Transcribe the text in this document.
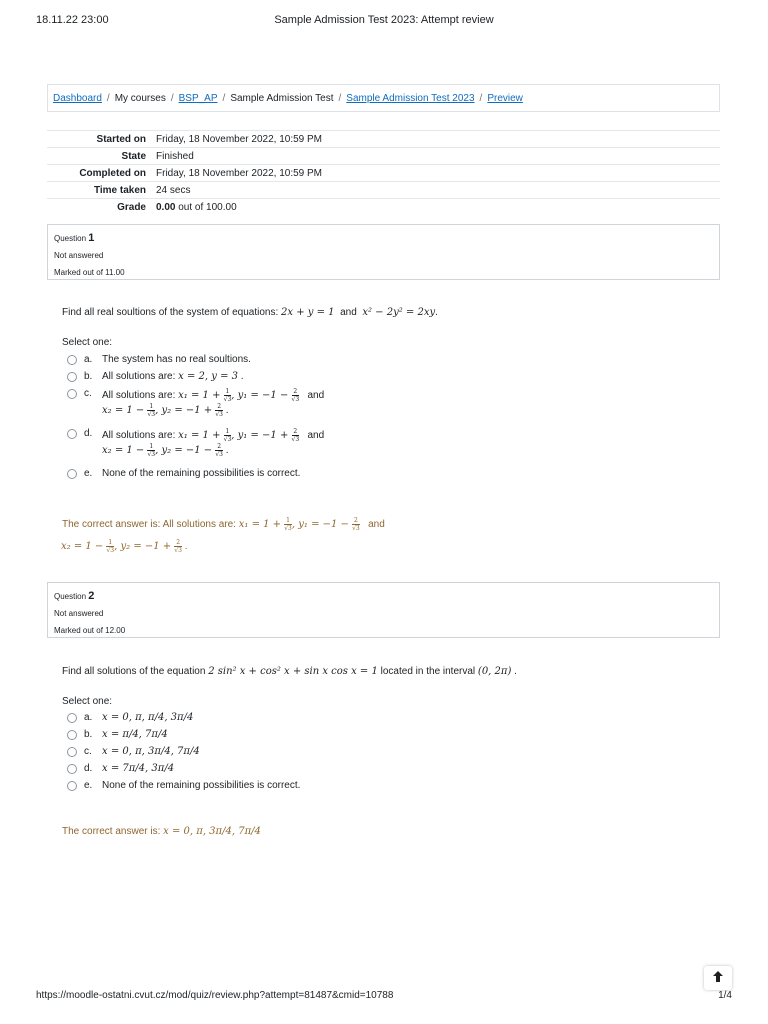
18.11.22 23:00	Sample Admission Test 2023: Attempt review
Dashboard / My courses / BSP_AP / Sample Admission Test / Sample Admission Test 2023 / Preview
Started on	Friday, 18 November 2022, 10:59 PM
State	Finished
Completed on	Friday, 18 November 2022, 10:59 PM
Time taken	24 secs
Grade	0.00 out of 100.00
Question 1
Not answered
Marked out of 11.00
Find all real soultions of the system of equations: 2x + y = 1 and x² − 2y² = 2xy.
Select one:
a. The system has no real soultions.
b. All solutions are: x = 2, y = 3 .
c.	All solutions are: $x_1 = 1 + \frac{1}{√3}$ , $y_1 = -1 - \frac{2}{√3}$ and
$x_2 = 1 - \frac{1}{√3}$ , $y_2 = -1 + \frac{2}{√3}$ .
d. All solutions are: $x_1 = 1 + \frac{1}{√3}$ , $y_1 = -1 + \frac{2}{√3}$ and
$x_2 = 1 - \frac{1}{√3}$ , $y_2 = -1 - \frac{2}{√3}$ .
e. None of the remaining possibilities is correct.
The correct answer is: All solutions are: $x_1 = 1 + \frac{1}{√3}$ , $y_1 = -1 - \frac{2}{√3}$ and
$x_2 = 1 - \frac{1}{√3}$ , $y_2 = -1 + \frac{2}{√3}$ .
Question 2
Not answered
Marked out of 12.00
Find all solutions of the equation 2 sin² x + cos² x + sin x cos x = 1 located in the interval (0, 2π) .
Select one:
a. x = 0, π, π/4, 3π/4
b. x = π/4, 7π/4
c.	x = 0, π, 3π/4, 7π/4
d. x = 7π/4, 3π/4
e. None of the remaining possibilities is correct.
The correct answer is: x = 0, π, 3π/4, 7π/4
https://moodle-ostatni.cvut.cz/mod/quiz/review.php?attempt=81487&cmid=10788	1/4
